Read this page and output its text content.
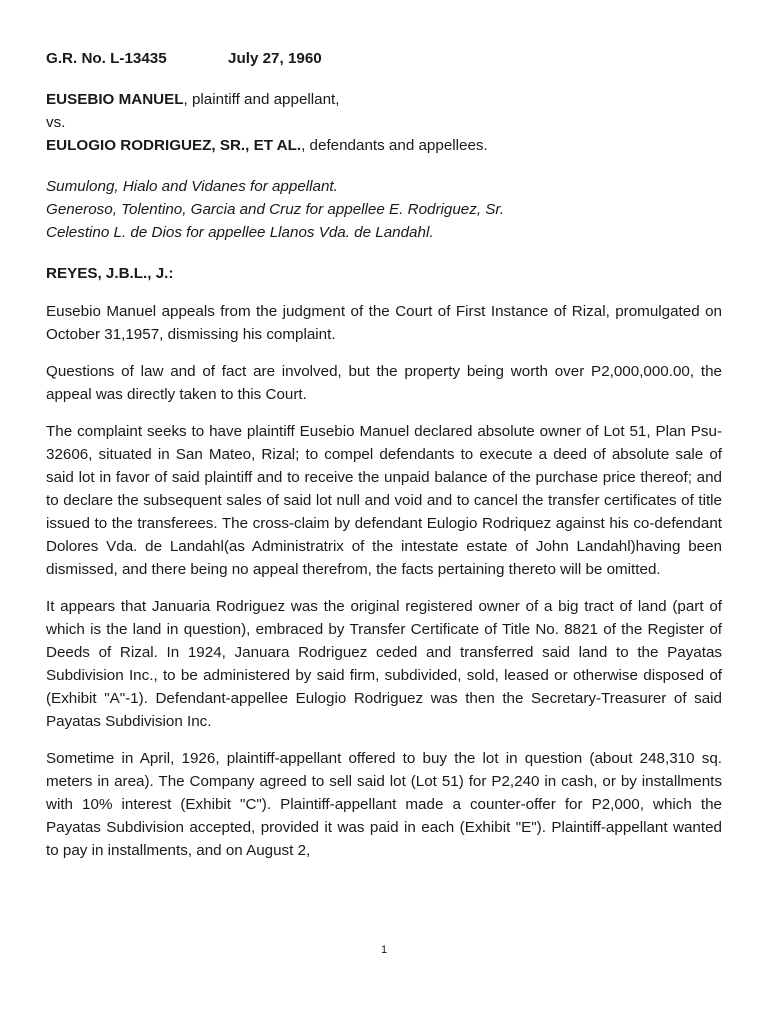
G.R. No. L-13435	July 27, 1960

EUSEBIO MANUEL, plaintiff and appellant,

vs.

EULOGIO RODRIGUEZ, SR., ET AL., defendants and appellees.

Sumulong, Hialo and Vidanes for appellant.

Generoso, Tolentino, Garcia and Cruz for appellee E. Rodriguez, Sr.

Celestino L. de Dios for appellee Llanos Vda. de Landahl.

REYES, J.B.L., J.:

Eusebio Manuel appeals from the judgment of the Court of First Instance of Rizal, promulgated on October 31,1957, dismissing his complaint.

Questions of law and of fact are involved, but the property being worth over P2,000,000.00, the appeal was directly taken to this Court.

The complaint seeks to have plaintiff Eusebio Manuel declared absolute owner of Lot 51, Plan Psu-32606, situated in San Mateo, Rizal; to compel defendants to execute a deed of absolute sale of said lot in favor of said plaintiff and to receive the unpaid balance of the purchase price thereof; and to declare the subsequent sales of said lot null and void and to cancel the transfer certificates of title issued to the transferees. The cross-claim by defendant Eulogio Rodriquez against his co-defendant Dolores Vda. de Landahl(as Administratrix of the intestate estate of John Landahl)having been dismissed, and there being no appeal therefrom, the facts pertaining thereto will be omitted.

It appears that Januaria Rodriguez was the original registered owner of a big tract of land (part of which is the land in question), embraced by Transfer Certificate of Title No. 8821 of the Register of Deeds of Rizal. In 1924, Januara Rodriguez ceded and transferred said land to the Payatas Subdivision Inc., to be administered by said firm, subdivided, sold, leased or otherwise disposed of (Exhibit "A"-1). Defendant-appellee Eulogio Rodriguez was then the Secretary-Treasurer of said Payatas Subdivision Inc.

Sometime in April, 1926, plaintiff-appellant offered to buy the lot in question (about 248,310 sq. meters in area). The Company agreed to sell said lot (Lot 51) for P2,240 in cash, or by installments with 10% interest (Exhibit "C"). Plaintiff-appellant made a counter-offer for P2,000, which the Payatas Subdivision accepted, provided it was paid in each (Exhibit "E"). Plaintiff-appellant wanted to pay in installments, and on August 2,

1
